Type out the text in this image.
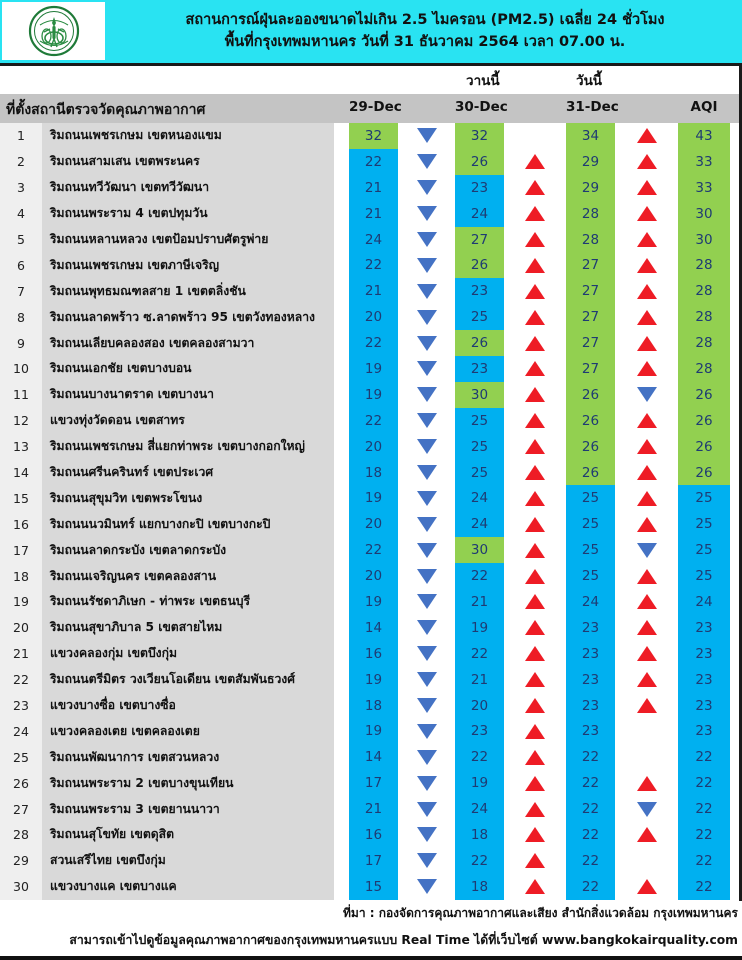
สถานการณ์ฝุ่นละอองขนาดไม่เกิน 2.5 ไมครอน (PM2.5) เฉลี่ย 24 ชั่วโมง
พื้นที่กรุงเทพมหานคร วันที่ 31 ธันวาคม 2564 เวลา 07.00 น.
วานนี้	วันนี้
ที่ตั้งสถานีตรวจวัดคุณภาพอากาศ	29-Dec	30-Dec	31-Dec	AQI
1	ริมถนนเพชรเกษม เขตหนองแขม	32	32	34	43
2	ริมถนนสามเสน เขตพระนคร	22	26	29	33
3	ริมถนนทวีวัฒนา เขตทวีวัฒนา	21	23	29	33
4	ริมถนนพระราม 4 เขตปทุมวัน	21	24	28	30
5	ริมถนนหลานหลวง เขตป้อมปราบศัตรูพ่าย	24	27	28	30
6	ริมถนนเพชรเกษม เขตภาษีเจริญ	22	26	27	28
7	ริมถนนพุทธมณฑลสาย 1 เขตตลิ่งชัน	21	23	27	28
8	ริมถนนลาดพร้าว ซ.ลาดพร้าว 95 เขตวังทองหลาง	20	25	27	28
9	ริมถนนเลียบคลองสอง เขตคลองสามวา	22	26	27	28
10	ริมถนนเอกชัย เขตบางบอน	19	23	27	28
11	ริมถนนบางนาตราด เขตบางนา	19	30	26	26
12	แขวงทุ่งวัดดอน เขตสาทร	22	25	26	26
13	ริมถนนเพชรเกษม สี่แยกท่าพระ เขตบางกอกใหญ่	20	25	26	26
14	ริมถนนศรีนครินทร์ เขตประเวศ	18	25	26	26
15	ริมถนนสุขุมวิท เขตพระโขนง	19	24	25	25
16	ริมถนนนวมินทร์ แยกบางกะปิ เขตบางกะปิ	20	24	25	25
17	ริมถนนลาดกระบัง เขตลาดกระบัง	22	30	25	25
18	ริมถนนเจริญนคร เขตคลองสาน	20	22	25	25
19	ริมถนนรัชดาภิเษก - ท่าพระ เขตธนบุรี	19	21	24	24
20	ริมถนนสุขาภิบาล 5 เขตสายไหม	14	19	23	23
21	แขวงคลองกุ่ม เขตบึงกุ่ม	16	22	23	23
22	ริมถนนตรีมิตร วงเวียนโอเดียน เขตสัมพันธวงศ์	19	21	23	23
23	แขวงบางซื่อ เขตบางซื่อ	18	20	23	23
24	แขวงคลองเตย เขตคลองเตย	19	23	23	23
25	ริมถนนพัฒนาการ เขตสวนหลวง	14	22	22	22
26	ริมถนนพระราม 2 เขตบางขุนเทียน	17	19	22	22
27	ริมถนนพระราม 3 เขตยานนาวา	21	24	22	22
28	ริมถนนสุโขทัย เขตดุสิต	16	18	22	22
29	สวนเสรีไทย เขตบึงกุ่ม	17	22	22	22
30	แขวงบางแค เขตบางแค	15	18	22	22
ที่มา : กองจัดการคุณภาพอากาศและเสียง สำนักสิ่งแวดล้อม กรุงเทพมหานคร
สามารถเข้าไปดูข้อมูลคุณภาพอากาศของกรุงเทพมหานครแบบ Real Time ได้ที่เว็บไซต์ www.bangkokairquality.com
